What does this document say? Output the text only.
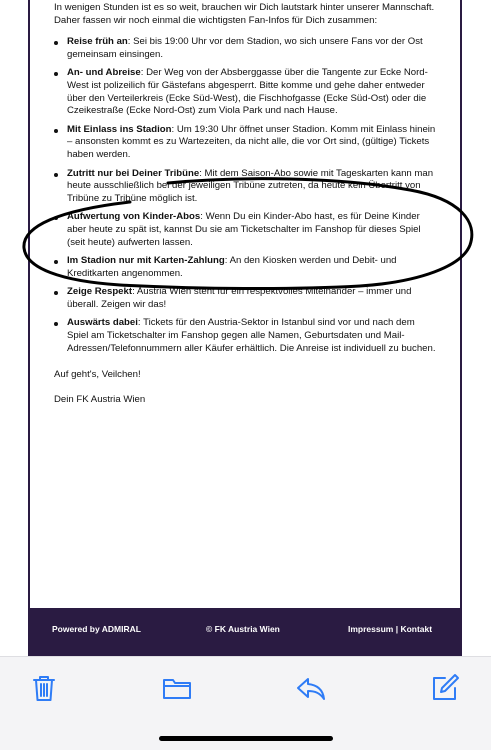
In wenigen Stunden ist es so weit, brauchen wir Dich lautstark hinter unserer Mannschaft. Daher fassen wir noch einmal die wichtigsten Fan-Infos für Dich zusammen:

Reise früh an: Sei bis 19:00 Uhr vor dem Stadion, wo sich unsere Fans vor der Ost gemeinsam einsingen.
An- und Abreise: Der Weg von der Absberggasse über die Tangente zur Ecke Nord-West ist polizeilich für Gästefans abgesperrt. Bitte komme und gehe daher entweder über den Verteilerkreis (Ecke Süd-West), die Fischhofgasse (Ecke Süd-Ost) oder die Czeikestraße (Ecke Nord-Ost) zum Viola Park und nach Hause.
Mit Einlass ins Stadion: Um 19:30 Uhr öffnet unser Stadion. Komm mit Einlass hinein – ansonsten kommt es zu Wartezeiten, da nicht alle, die vor Ort sind, (gültige) Tickets haben werden.
Zutritt nur bei Deiner Tribüne: Mit dem Saison-Abo sowie mit Tageskarten kann man heute ausschließlich bei der jeweiligen Tribüne zutreten, da heute kein Übertritt von Tribüne zu Tribüne möglich ist.
Aufwertung von Kinder-Abos: Wenn Du ein Kinder-Abo hast, es für Deine Kinder aber heute zu spät ist, kannst Du sie am Ticketschalter im Fanshop für dieses Spiel (seit heute) aufwerten lassen.
Im Stadion nur mit Karten-Zahlung: An den Kiosken werden und Debit- und Kreditkarten angenommen.
Zeige Respekt: Austria Wien steht für ein respektvolles Miteinander – immer und überall. Zeigen wir das!
Auswärts dabei: Tickets für den Austria-Sektor in Istanbul sind vor und nach dem Spiel am Ticketschalter im Fanshop gegen alle Namen, Geburtsdaten und Mail-Adressen/Telefonnummern aller Käufer erhältlich. Die Anreise ist individuell zu buchen.

Auf geht's, Veilchen!

Dein FK Austria Wien

Powered by ADMIRAL	© FK Austria Wien	Impressum | Kontakt
